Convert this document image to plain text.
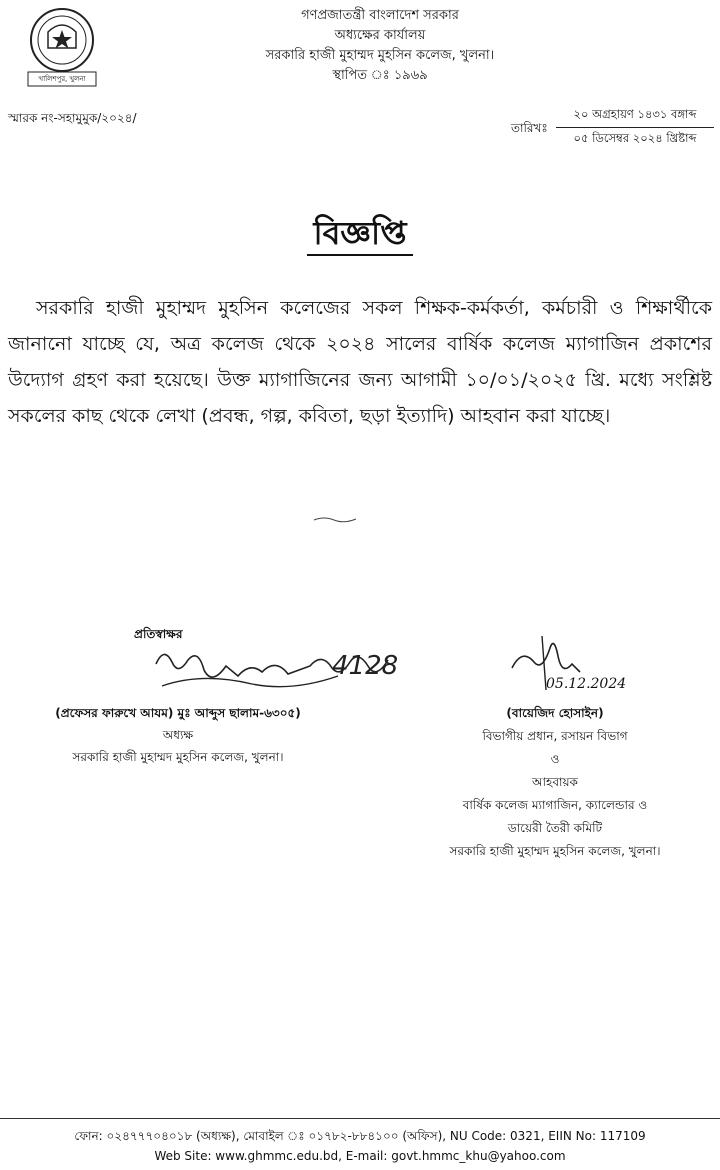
খালিশপুর, খুলনা
গণপ্রজাতন্ত্রী বাংলাদেশ সরকার
অধ্যক্ষের কার্যালয়
সরকারি হাজী মুহাম্মদ মুহসিন কলেজ, খুলনা।
স্থাপিত ঃ ১৯৬৯
স্মারক নং-সহামুমুক/২০২৪/
তারিখঃ
২০ অগ্রহায়ণ ১৪৩১ বঙ্গাব্দ
০৫ ডিসেম্বর ২০২৪ খ্রিষ্টাব্দ
বিজ্ঞপ্তি
সরকারি হাজী মুহাম্মদ মুহসিন কলেজের সকল শিক্ষক-কর্মকর্তা, কর্মচারী ও শিক্ষার্থীকে জানানো যাচ্ছে যে, অত্র কলেজ থেকে ২০২৪ সালের বার্ষিক কলেজ ম্যাগাজিন প্রকাশের উদ্যোগ গ্রহণ করা হয়েছে। উক্ত ম্যাগাজিনের জন্য আগামী ১০/০১/২০২৫ খ্রি. মধ্যে সংশ্লিষ্ট সকলের কাছ থেকে লেখা (প্রবন্ধ, গল্প, কবিতা, ছড়া ইত্যাদি) আহবান করা যাচ্ছে।
প্রতিস্বাক্ষর
4128
(প্রফেসর ফারুখে আযম) মুঃ আব্দুস ছালাম-৬৩০৫)
অধ্যক্ষ
সরকারি হাজী মুহাম্মদ মুহসিন কলেজ, খুলনা।
05.12.2024
(বায়েজিদ হোসাইন)
বিভাগীয় প্রধান, রসায়ন বিভাগ
ও
আহবায়ক
বার্ষিক কলেজ ম্যাগাজিন, ক্যালেন্ডার ও
ডায়েরী তৈরী কমিটি
সরকারি হাজী মুহাম্মদ মুহসিন কলেজ, খুলনা।
ফোন: ০২৪৭৭৭০৪০১৮ (অধ্যক্ষ), মোবাইল ঃ ০১৭৮২-৮৮৪১০০ (অফিস), NU Code: 0321, EIIN No: 117109
Web Site: www.ghmmc.edu.bd, E-mail: govt.hmmc_khu@yahoo.com
